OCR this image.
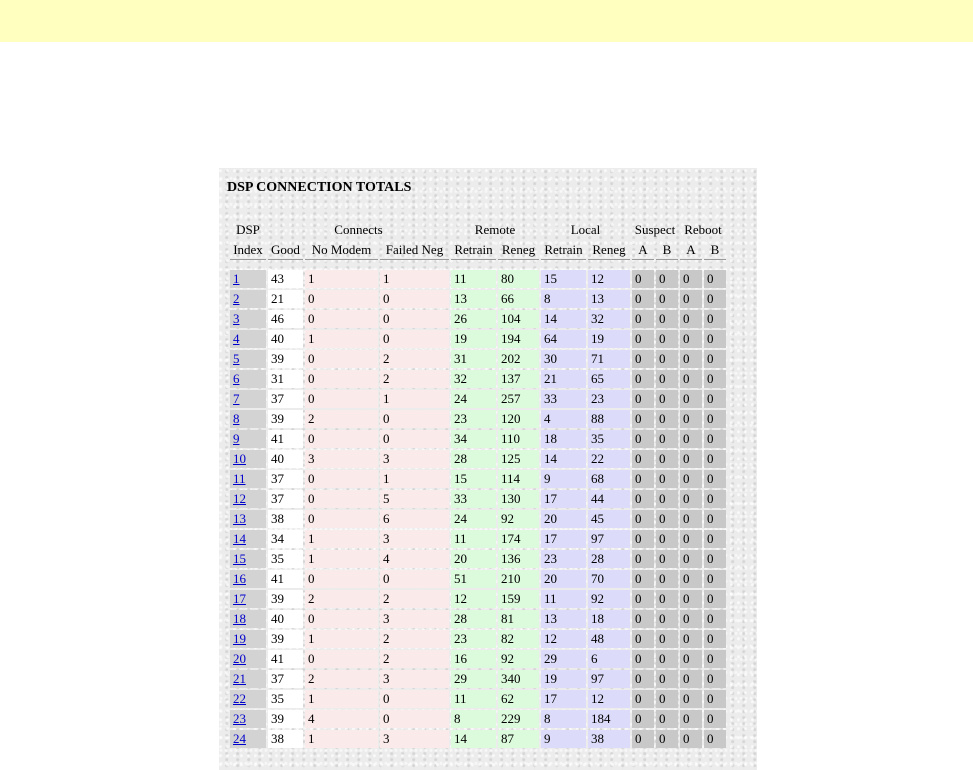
DSP CONNECTION TOTALS
DSP	Connects			Remote		Local		Suspect		Reboot	
Index	Good	No Modem	Failed Neg	Retrain	Reneg	Retrain	Reneg	A	B	A	B

1	43	1	1	11	80	15	12	0	0	0	0
2	21	0	0	13	66	8	13	0	0	0	0
3	46	0	0	26	104	14	32	0	0	0	0
4	40	1	0	19	194	64	19	0	0	0	0
5	39	0	2	31	202	30	71	0	0	0	0
6	31	0	2	32	137	21	65	0	0	0	0
7	37	0	1	24	257	33	23	0	0	0	0
8	39	2	0	23	120	4	88	0	0	0	0
9	41	0	0	34	110	18	35	0	0	0	0
10	40	3	3	28	125	14	22	0	0	0	0
11	37	0	1	15	114	9	68	0	0	0	0
12	37	0	5	33	130	17	44	0	0	0	0
13	38	0	6	24	92	20	45	0	0	0	0
14	34	1	3	11	174	17	97	0	0	0	0
15	35	1	4	20	136	23	28	0	0	0	0
16	41	0	0	51	210	20	70	0	0	0	0
17	39	2	2	12	159	11	92	0	0	0	0
18	40	0	3	28	81	13	18	0	0	0	0
19	39	1	2	23	82	12	48	0	0	0	0
20	41	0	2	16	92	29	6	0	0	0	0
21	37	2	3	29	340	19	97	0	0	0	0
22	35	1	0	11	62	17	12	0	0	0	0
23	39	4	0	8	229	8	184	0	0	0	0
24	38	1	3	14	87	9	38	0	0	0	0
